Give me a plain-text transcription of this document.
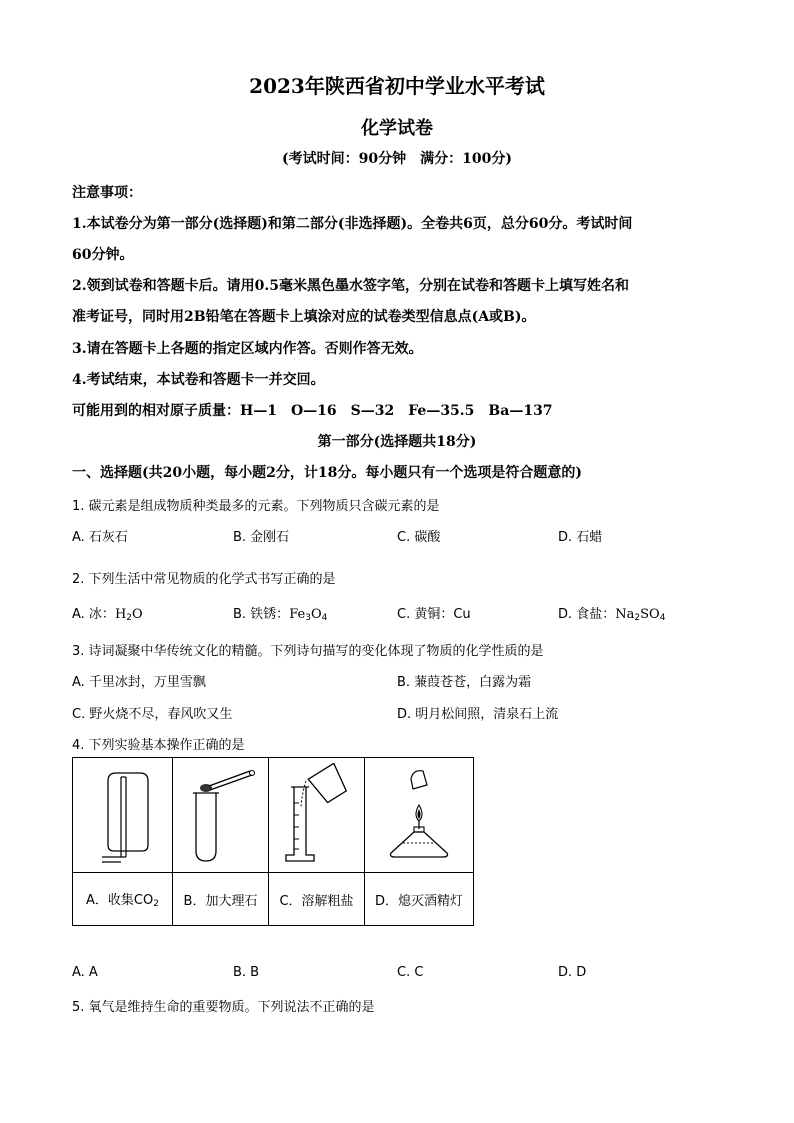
2023年陕西省初中学业水平考试
化学试卷
(考试时间：90分钟　满分：100分)
注意事项：
1.本试卷分为第一部分(选择题)和第二部分(非选择题)。全卷共6页，总分60分。考试时间
60分钟。
2.领到试卷和答题卡后。请用0.5毫米黑色墨水签字笔，分别在试卷和答题卡上填写姓名和
准考证号，同时用2B铅笔在答题卡上填涂对应的试卷类型信息点(A或B)。
3.请在答题卡上各题的指定区域内作答。否则作答无效。
4.考试结束，本试卷和答题卡一并交回。
可能用到的相对原子质量：H—1　O—16　S—32　Fe—35.5　Ba—137
第一部分(选择题共18分)
一、选择题(共20小题，每小题2分，计18分。每小题只有一个选项是符合题意的)
1. 碳元素是组成物质种类最多的元素。下列物质只含碳元素的是
A. 石灰石	B. 金刚石	C. 碳酸	D. 石蜡
2. 下列生活中常见物质的化学式书写正确的是
A. 冰：$H_2O$	B. 铁锈：$Fe_3O_4$	C. 黄铜：Cu	D. 食盐：$Na_2SO_4$
3. 诗词凝聚中华传统文化的精髓。下列诗句描写的变化体现了物质的化学性质的是
A. 千里冰封，万里雪飘	B. 蒹葭苍苍，白露为霜
C. 野火烧不尽，春风吹又生	D. 明月松间照，清泉石上流
4. 下列实验基本操作正确的是

A．收集$CO_2$	B．加大理石	C．溶解粗盐	D．熄灭酒精灯
A. A	B. B	C. C	D. D
5. 氧气是维持生命的重要物质。下列说法不正确的是
